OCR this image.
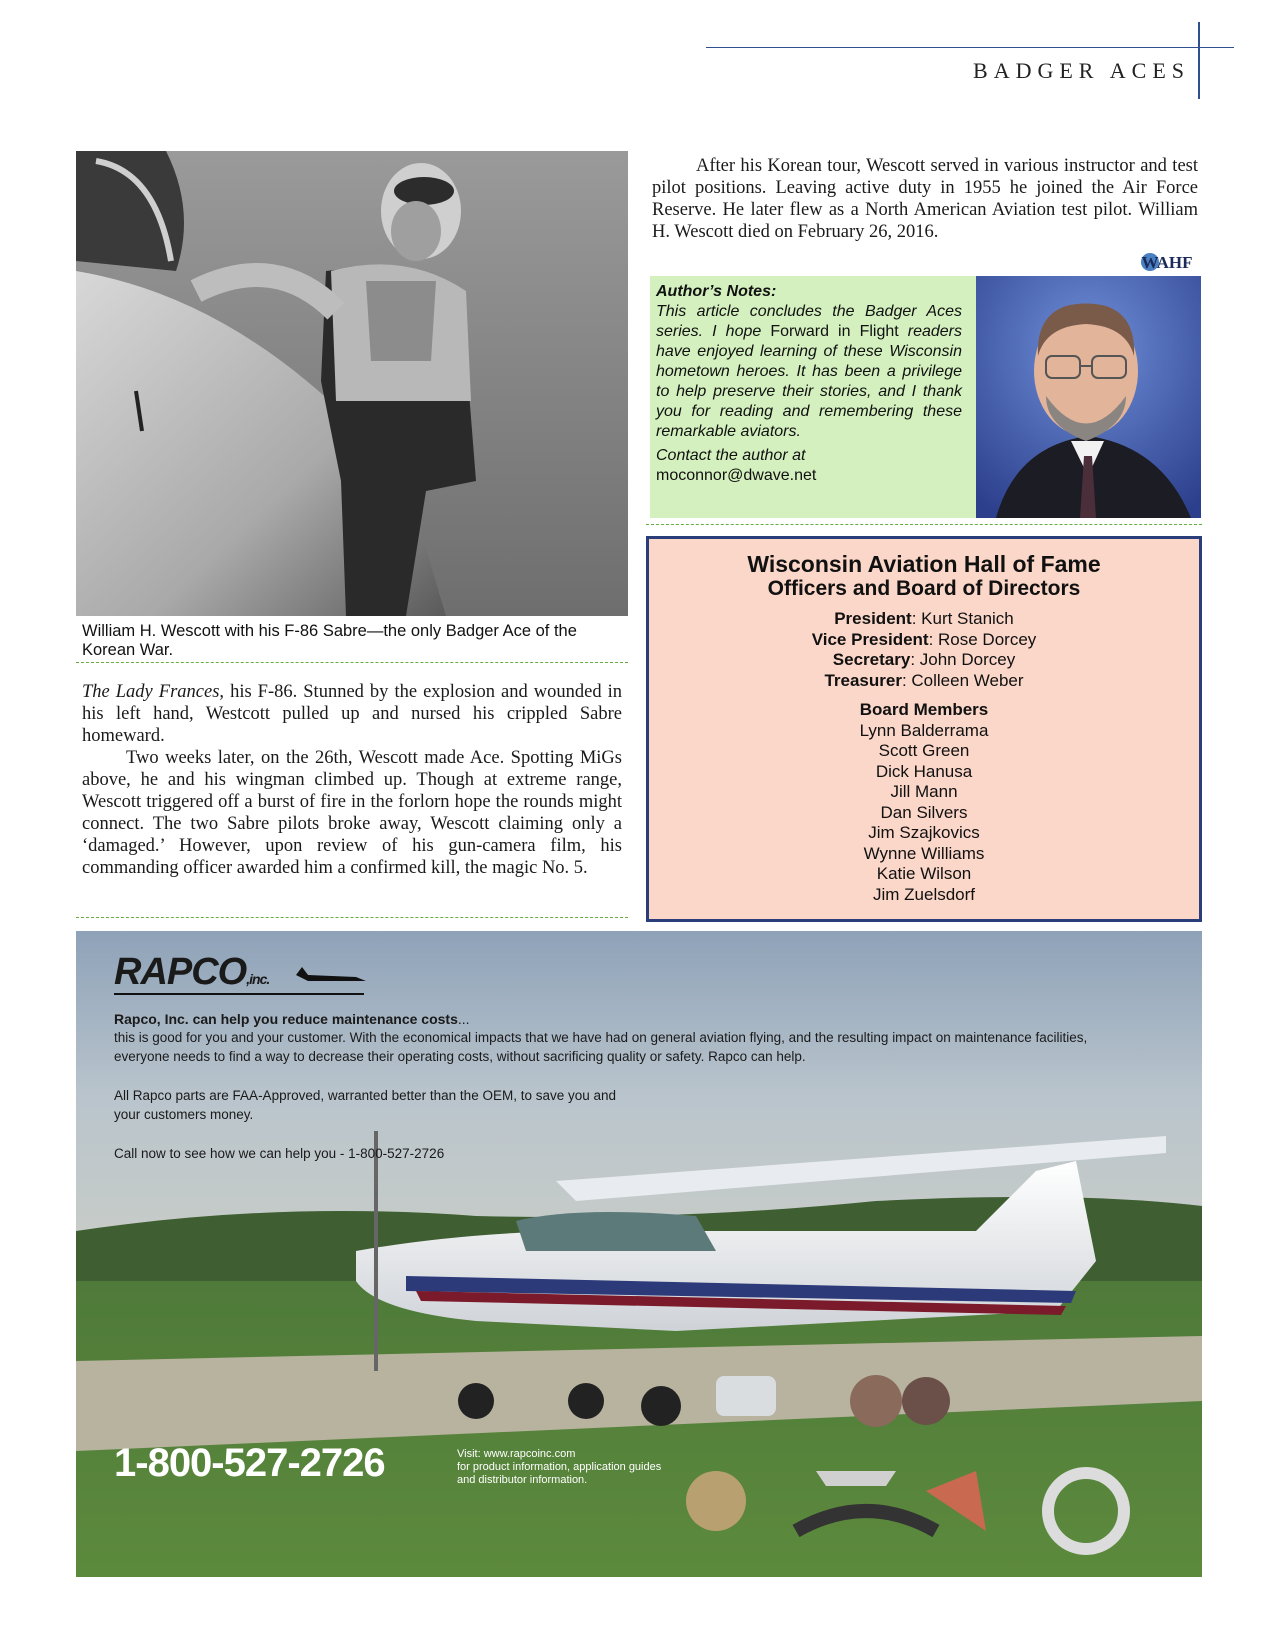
BADGER ACES
William H. Wescott with his F-86 Sabre—the only Badger Ace of the Korean War.

The Lady Frances, his F-86. Stunned by the explosion and wounded in his left hand, Westcott pulled up and nursed his crippled Sabre homeward.

Two weeks later, on the 26th, Wescott made Ace. Spotting MiGs above, he and his wingman climbed up. Though at extreme range, Wescott triggered off a burst of fire in the forlorn hope the rounds might connect. The two Sabre pilots broke away, Wescott claiming only a ‘damaged.’ However, upon review of his gun-camera film, his commanding officer awarded him a confirmed kill, the magic No. 5.

After his Korean tour, Wescott served in various instructor and test pilot positions. Leaving active duty in 1955 he joined the Air Force Reserve. He later flew as a North American Aviation test pilot. William H. Wescott died on February 26, 2016.

WAHF
Author’s Notes:
This article concludes the Badger Aces series. I hope Forward in Flight readers have enjoyed learning of these Wisconsin hometown heroes. It has been a privilege to help preserve their stories, and I thank you for reading and remembering these remarkable aviators.
Contact the author at
moconnor@dwave.net
Wisconsin Aviation Hall of Fame
Officers and Board of Directors
President: Kurt Stanich
Vice President: Rose Dorcey
Secretary: John Dorcey
Treasurer: Colleen Weber
Board Members
Lynn Balderrama
Scott Green
Dick Hanusa
Jill Mann
Dan Silvers
Jim Szajkovics
Wynne Williams
Katie Wilson
Jim Zuelsdorf
RAPCO,inc.
Rapco, Inc. can help you reduce maintenance costs...
this is good for you and your customer. With the economical impacts that we have had on general aviation flying, and the resulting impact on maintenance facilities,
everyone needs to find a way to decrease their operating costs, without sacrificing quality or safety. Rapco can help.
All Rapco parts are FAA-Approved, warranted better than the OEM, to save you and
your customers money.
Call now to see how we can help you - 1-800-527-2726
1-800-527-2726	Visit: www.rapcoinc.com
for product information, application guides
and distributor information.
